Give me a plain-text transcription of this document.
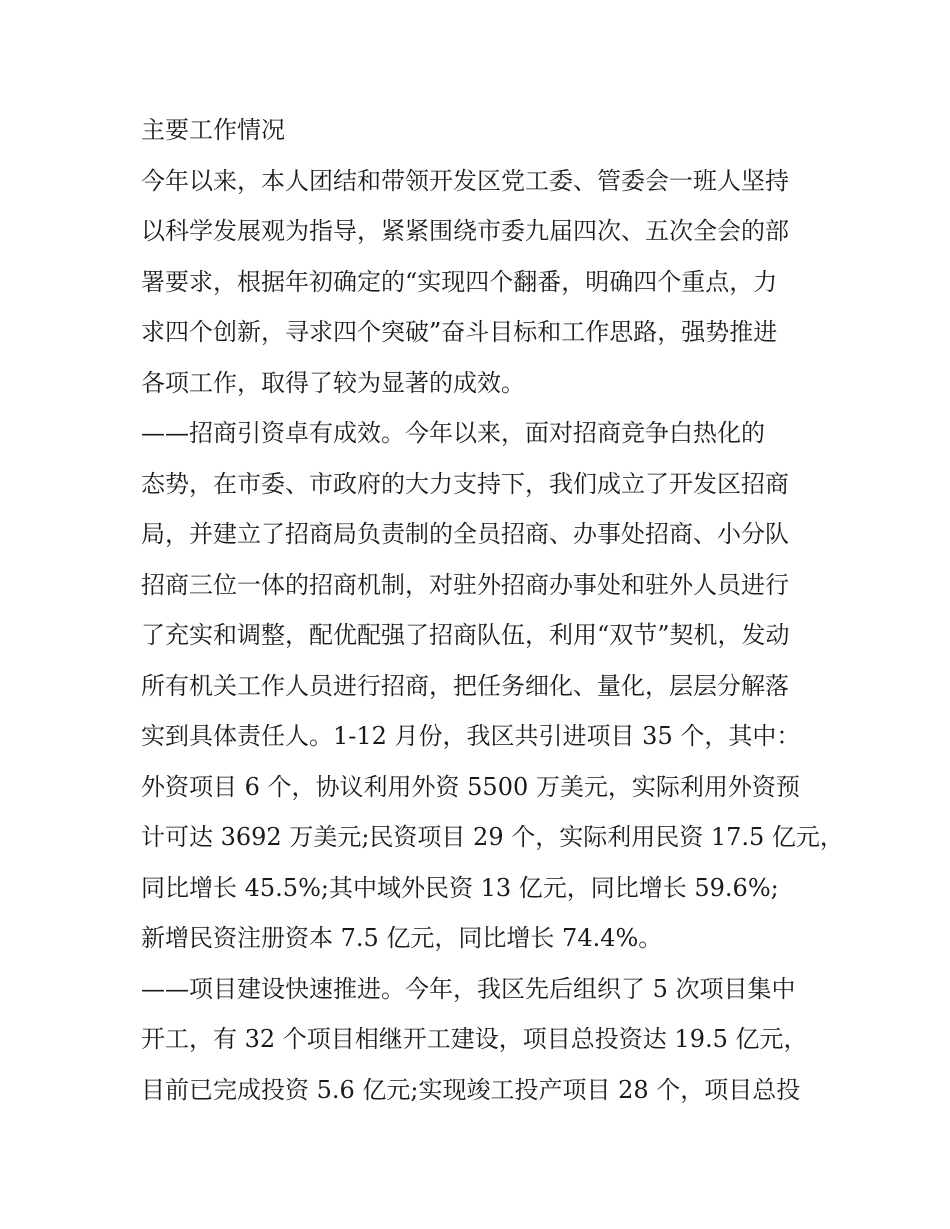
主要工作情况
今年以来，本人团结和带领开发区党工委、管委会一班人坚持
以科学发展观为指导，紧紧围绕市委九届四次、五次全会的部
署要求，根据年初确定的“实现四个翻番，明确四个重点，力
求四个创新，寻求四个突破”奋斗目标和工作思路，强势推进
各项工作，取得了较为显著的成效。
——招商引资卓有成效。今年以来，面对招商竞争白热化的
态势，在市委、市政府的大力支持下，我们成立了开发区招商
局，并建立了招商局负责制的全员招商、办事处招商、小分队
招商三位一体的招商机制，对驻外招商办事处和驻外人员进行
了充实和调整，配优配强了招商队伍，利用“双节”契机，发动
所有机关工作人员进行招商，把任务细化、量化，层层分解落
实到具体责任人。1-12 月份，我区共引进项目 35 个，其中：
外资项目 6 个，协议利用外资 5500 万美元，实际利用外资预
计可达 3692 万美元;民资项目 29 个，实际利用民资 17.5 亿元，
同比增长 45.5%;其中域外民资 13 亿元，同比增长 59.6%;
新增民资注册资本 7.5 亿元，同比增长 74.4%。
——项目建设快速推进。今年，我区先后组织了 5 次项目集中
开工，有 32 个项目相继开工建设，项目总投资达 19.5 亿元，
目前已完成投资 5.6 亿元;实现竣工投产项目 28 个，项目总投
